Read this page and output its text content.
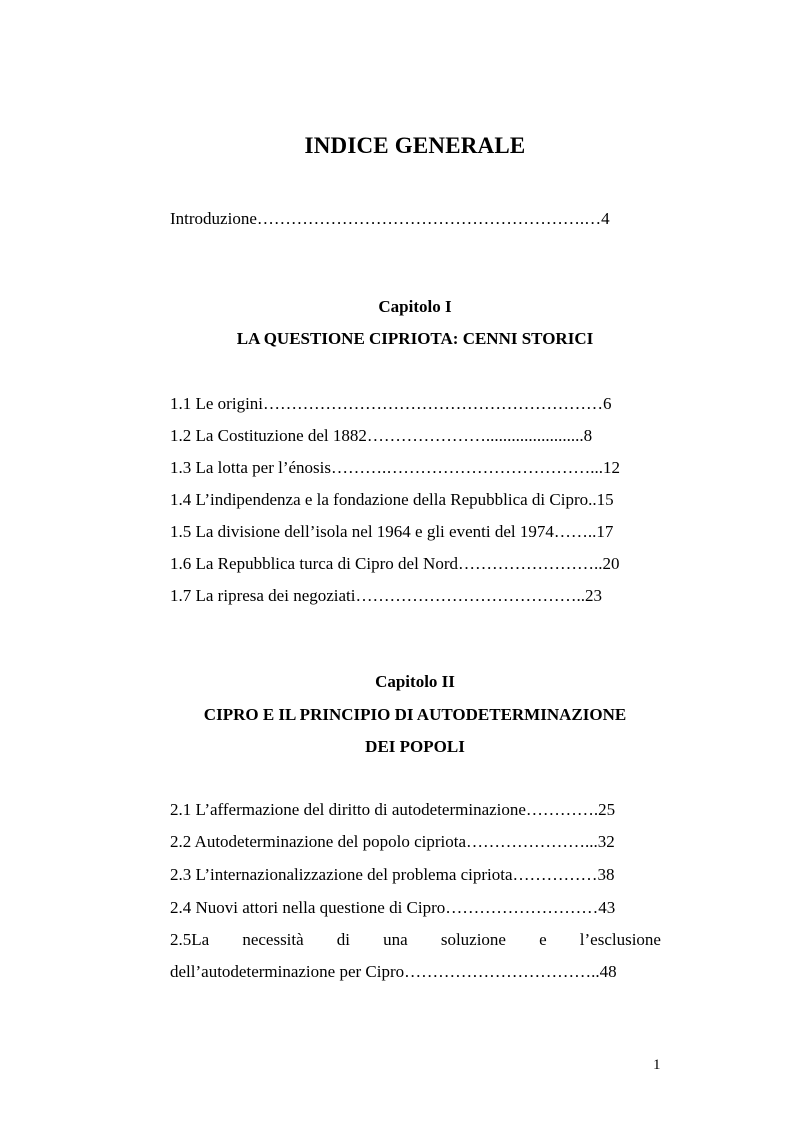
INDICE GENERALE
Introduzione………………………………………………….…4
Capitolo I
LA QUESTIONE CIPRIOTA: CENNI STORICI
1.1 Le origini……………………………………………………6
1.2 La Costituzione del 1882………………….......................8
1.3 La lotta per l’énosis……….………………………………...12
1.4 L’indipendenza e la fondazione della Repubblica di Cipro..15
1.5 La divisione dell’isola nel 1964 e gli eventi del 1974……..17
1.6 La Repubblica turca di Cipro del Nord……………………..20
1.7 La ripresa dei negoziati…………………………………..23
Capitolo II
CIPRO E IL PRINCIPIO DI AUTODETERMINAZIONE
DEI POPOLI
2.1 L’affermazione del diritto di autodeterminazione………….25
2.2 Autodeterminazione del popolo cipriota…………………...32
2.3 L’internazionalizzazione del problema cipriota……………38
2.4 Nuovi attori nella questione di Cipro………………………43
2.5La necessità di una soluzione e l’esclusione
dell’autodeterminazione per Cipro……………………………..48
1
